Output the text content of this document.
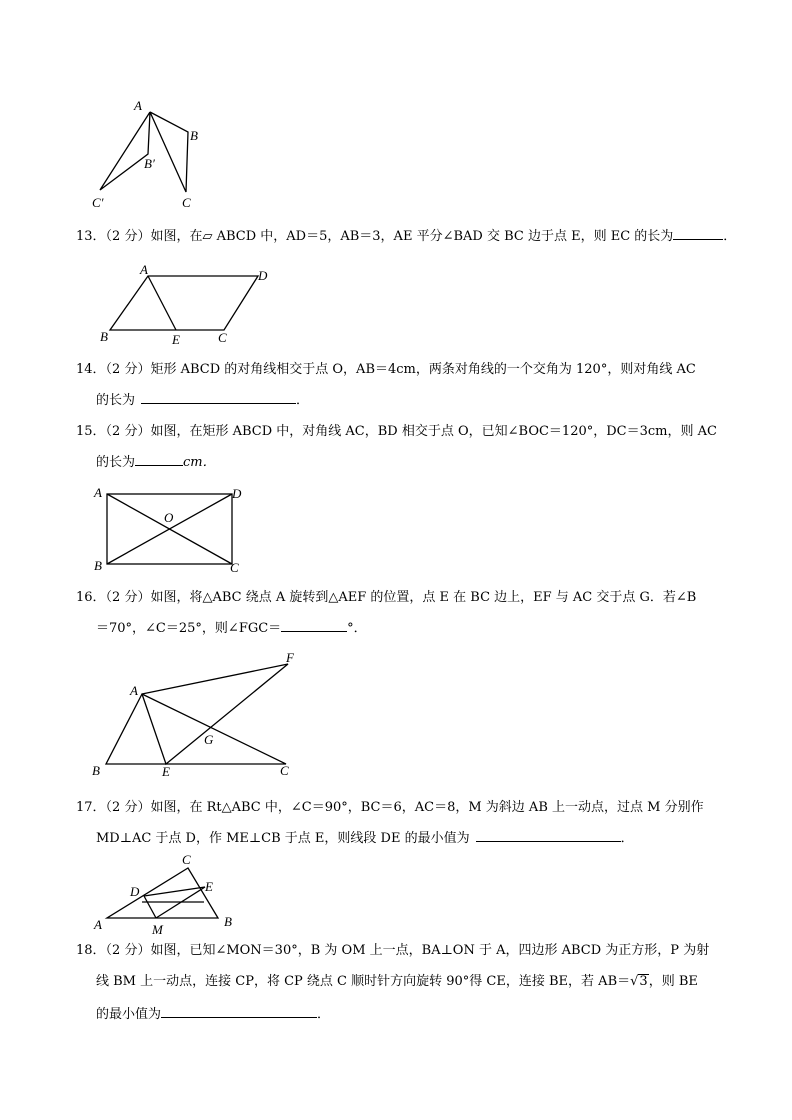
A
B
B′
C′	C
13．（2 分）如图，在▱ ABCD 中，AD＝5，AB＝3，AE 平分∠BAD 交 BC 边于点 E，则 EC 的长为	．
A	D
B	E	C
14．（2 分）矩形 ABCD 的对角线相交于点 O，AB＝4cm，两条对角线的一个交角为 120°，则对角线 AC
的长为	．
15．（2 分）如图，在矩形 ABCD 中，对角线 AC，BD 相交于点 O，已知∠BOC＝120°，DC＝3cm，则 AC
的长为	cm．
A	D
O
B	C
16．（2 分）如图，将△ABC 绕点 A 旋转到△AEF 的位置，点 E 在 BC 边上，EF 与 AC 交于点 G．若∠B
＝70°，∠C＝25°，则∠FGC＝	°．
F
A
G
B	E	C
17．（2 分）如图，在 Rt△ABC 中，∠C＝90°，BC＝6，AC＝8，M 为斜边 AB 上一动点，过点 M 分别作
MD⊥AC 于点 D，作 ME⊥CB 于点 E，则线段 DE 的最小值为	．
C
D	E
A	M
B
18．（2 分）如图，已知∠MON＝30°，B 为 OM 上一点，BA⊥ON 于 A，四边形 ABCD 为正方形，P 为射
线 BM 上一动点，连接 CP，将 CP 绕点 C 顺时针方向旋转 90°得 CE，连接 BE，若 AB＝√3，则 BE
的最小值为	．
